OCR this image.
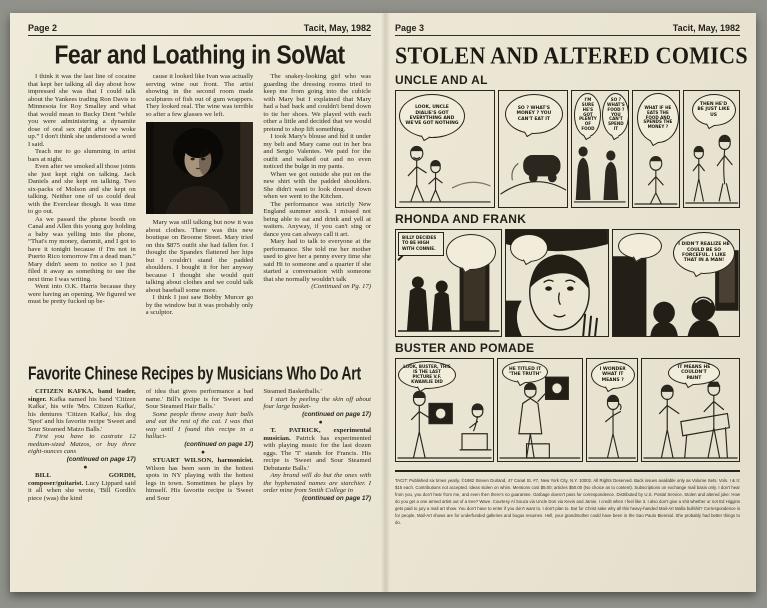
Page 2	Tacit, May, 1982
Fear and Loathing in SoWat

I think it was the last line of cocaine that kept her talking all day about how impressed she was that I could talk about the Yankees trading Ron Davis to Minnesota for Roy Smalley and what that would mean to Bucky Dent “while you were administering a dynamite dose of oral sex right after we woke up.” I don't think she understood a word I said.

Teach me to go slumming in artist bars at night.

Even after we smoked all those joints she just kept right on talking. Jack Daniels and she kept on talking. Two six-packs of Molson and she kept on talking. Neither one of us could deal with the Everclear though. It was time to go out.

As we passed the phone booth on Canal and Allen this young guy holding a baby was yelling into the phone, “That's my money, dammit, and I got to have it tonight because if I'm not in Puerto Rico tomorrow I'm a dead man.” Mary didn't seem to notice so I just filed it away as something to use the next time I was writing.

Went into O.K. Harris because they were having an opening. We figured we must be pretty fucked up be-

cause it looked like Ivan was actually serving wine out front. The artist showing in the second room made sculptures of fish out of gum wrappers. They looked real. The wine was terrible so after a few glasses we left.

Mary was still talking but now it was about clothes. There was this new boutique on Broome Street. Mary tried on this $875 outfit she had fallen for. I thought the Spandex flattered her hips but I couldn't stand the padded shoulders. I bought it for her anyway because I thought she would quit talking about clothes and we could talk about baseball some more.

I think I just saw Bobby Murcer go by the window but it was probably only a sculptor.

The snakey-looking girl who was guarding the dressing rooms tried to keep me from going into the cubicle with Mary but I explained that Mary had a bad back and couldn't bend down to tie her shoes. We played with each other a little and decided that we would pretend to shop lift something.

I took Mary's blouse and hid it under my belt and Mary came out in her bra and Sergio Valentes. We paid for the outfit and walked out and no even noticed the bulge in my pants.

When we got outside she put on the new shirt with the padded shoulders. She didn't want to look dressed down when we went to the Kitchen.

The performance was strictly New England summer stock. I missed not being able to eat and drink and yell at waiters. Anyway, if you can't sing or dance you can always call it art.

Mary had to talk to everyone at the performance. She told me her mother used to give her a penny every time she said Hi to someone and a quarter if she started a conversation with someone that she normally wouldn't talk

(Continued on Pg. 17)

Favorite Chinese Recipes by Musicians Who Do Art

CITIZEN KAFKA, band leader, singer. Kafka named his band 'Citizen Kafka', his wife 'Mrs. Citizen Kafka', his dentures 'Citizen Kafka', his dog 'Spot' and his favorite recipe 'Sweet and Sour Steamed Matzo Balls.'

First you have to castrate 12 medium-sized Matzos, or buy three eight-ounces cans

(continued on page 17)

●

BILL GORDH, composer/guitarist. Lucy Lippard said it all when she wrote, 'Bill Gordh's piece (was) the kind

of idea that gives performance a bad name.' Bill's recipe is for 'Sweet and Sour Steamed Hair Balls.'

Some people throw away hair balls and eat the rest of the cat. I was that way until I found this recipe in a halluci-

(continued on page 17)

●

STUART WILSON, harmonicist. Wilson has been seen in the hottest spots in NY playing with the hottest legs in town. Sometimes he plays by himself. His favorite recipe is 'Sweet and Sour

Steamed Basketballs.'

I start by peeling the skin off about four large basket-

(continued on page 17)

●

T. PATRICK, experimental musician. Patrick has experimented with playing music for the last dozen eggs. The 'T' stands for Francis. His recipe is 'Sweet and Sour Steamed Debutante Balls.'

Any brand will do but the ones with the hyphenated names are starchier. I order mine from Smith College in

(continued on page 17)

Page 3	Tacit, May, 1982
STOLEN AND ALTERED COMICS
UNCLE AND AL
LOOK, UNCLE DIALIE'S GOT EVERYTHING AND WE'VE GOT NOTHING
SO ? WHAT'S MONEY ? YOU CAN'T EAT IT
I'M SURE HE'S GOT PLENTY OF FOOD
SO ? WHAT'S FOOD ? YOU CAN'T SPEND IT
WHAT IF HE EATS THE FOOD AND SPENDS THE MONEY ?
THEN HE'D BE JUST LIKE US
RHONDA AND FRANK
BILLY DECIDES TO BE HIGH WITH CONNIE.
I DIDN'T REALIZE HE COULD BE SO FORCEFUL. I LIKE THAT IN A MAN!
BUSTER AND POMADE
LOOK, BUSTER, THIS IS THE LAST PICTURE V.F. KWAWLIE DID
HE TITLED IT "THE TRUTH"
I WONDER WHAT IT MEANS ?
IT MEANS HE COULDN'T PAINT

TACIT: Published six times yearly. ©1982 Steven Durland, 47 Canal St. #7, New York City, N.Y. 10002. All Rights Deserved. Back issues available only as Volume Sets. Vols. I & II: $15 each. Contributions not accepted. Ideas stolen on whim. Mentions cost $5.00; articles $50.00 (No choice as to content). Subscriptions on exchange mail basis only. I don't hear from you, you don't hear from me, and even then there's no guarantee. Garbage doesn't pass for correspondence. Distributed by U.S. Postal Service. Stolen and altered joke: How do you get a one armed artist out of a tree? Wave. Courtesy Al Souza via Uncle Don via Kevin and Jamie. I credit when I feel like it. I also don't give a shit whether or not Ed Higgins gets paid to jury a mail art show. You don't have to enter if you don't want to. I don't plan to. But for Christ sake why all this heavy-handed Mail-Art Mafia bullshit? Correspondence is for people, Mail-Art shows are for underfunded galleries and bogus resumes. Hell, your grandmother could have been in the Sao Paulo Biennial. She probably had better things to do.
